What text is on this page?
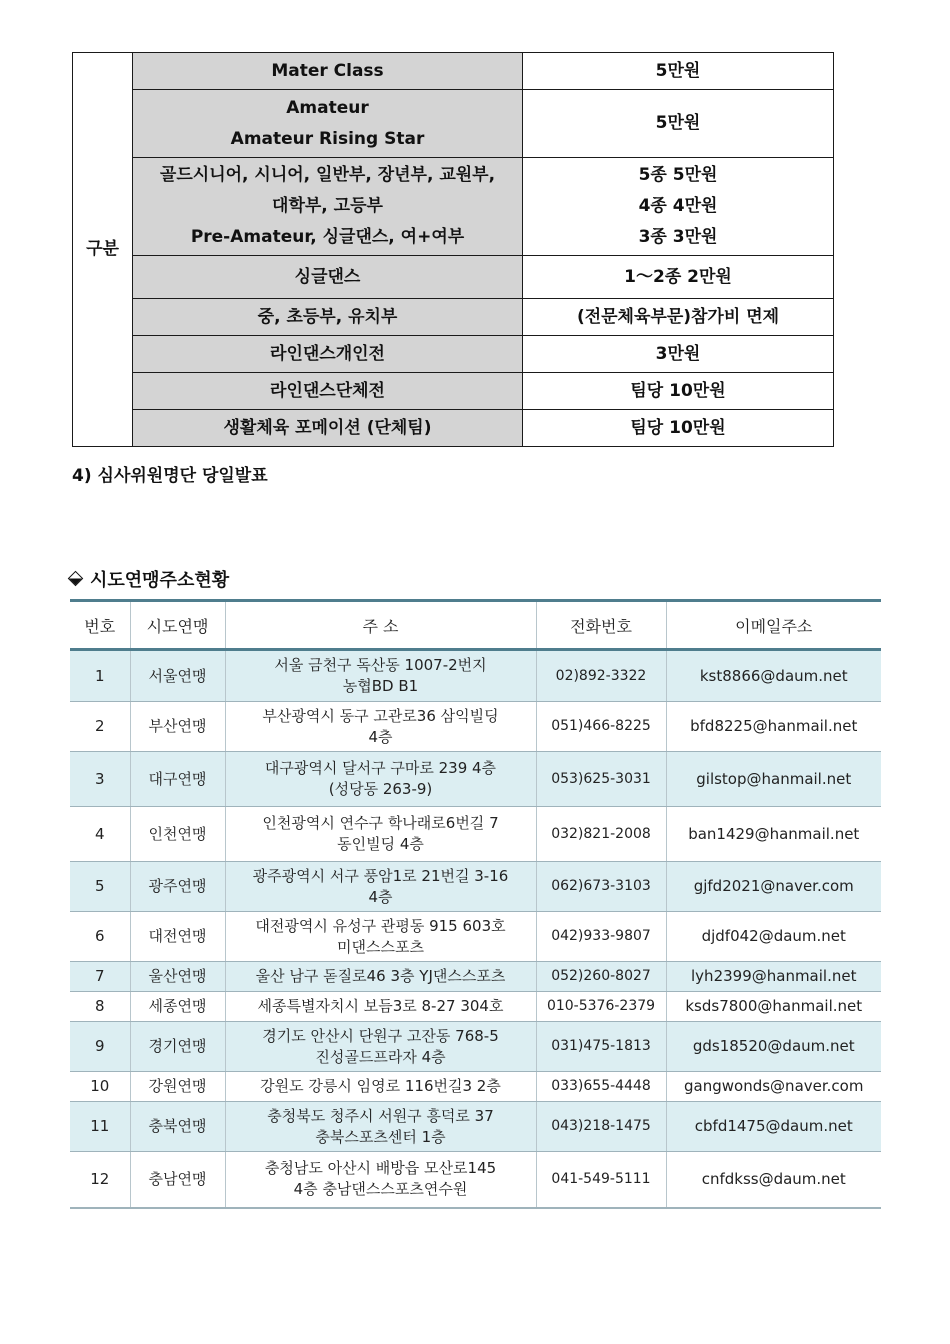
구분	Mater Class	5만원

	Amateur
Amateur Rising Star	5만원

	골드시니어, 시니어, 일반부, 장년부, 교원부,
대학부, 고등부
Pre-Amateur, 싱글댄스, 여+여부	5종 5만원
4종 4만원
3종 3만원

	싱글댄스	1～2종 2만원

	중, 초등부, 유치부	(전문체육부문)참가비 면제

	라인댄스개인전	3만원

	라인댄스단체전	팀당 10만원

	생활체육 포메이션 (단체팀)	팀당 10만원
4) 심사위원명단 당일발표
시도연맹주소현황
번호	시도연맹	주 소	전화번호	이메일주소
1	서울연맹	서울 금천구 독산동 1007-2번지
농협BD B1	02)892-3322	kst8866@daum.net
2	부산연맹	부산광역시 동구 고관로36 삼익빌딩
4층	051)466-8225	bfd8225@hanmail.net
3	대구연맹	대구광역시 달서구 구마로 239 4층
(성당동 263-9)	053)625-3031	gilstop@hanmail.net
4	인천연맹	인천광역시 연수구 학나래로6번길 7
동인빌딩 4층	032)821-2008	ban1429@hanmail.net
5	광주연맹	광주광역시 서구 풍암1로 21번길 3-16
4층	062)673-3103	gjfd2021@naver.com
6	대전연맹	대전광역시 유성구 관평동 915 603호
미댄스스포츠	042)933-9807	djdf042@daum.net
7	울산연맹	울산 남구 돋질로46 3층 YJ댄스스포츠	052)260-8027	lyh2399@hanmail.net
8	세종연맹	세종특별자치시 보듬3로 8-27 304호	010-5376-2379	ksds7800@hanmail.net
9	경기연맹	경기도 안산시 단원구 고잔동 768-5
진성골드프라자 4층	031)475-1813	gds18520@daum.net
10	강원연맹	강원도 강릉시 임영로 116번길3 2층	033)655-4448	gangwonds@naver.com
11	충북연맹	충청북도 청주시 서원구 흥덕로 37
충북스포츠센터 1층	043)218-1475	cbfd1475@daum.net
12	충남연맹	충청남도 아산시 배방읍 모산로145
4층 충남댄스스포츠연수원	041-549-5111	cnfdkss@daum.net
